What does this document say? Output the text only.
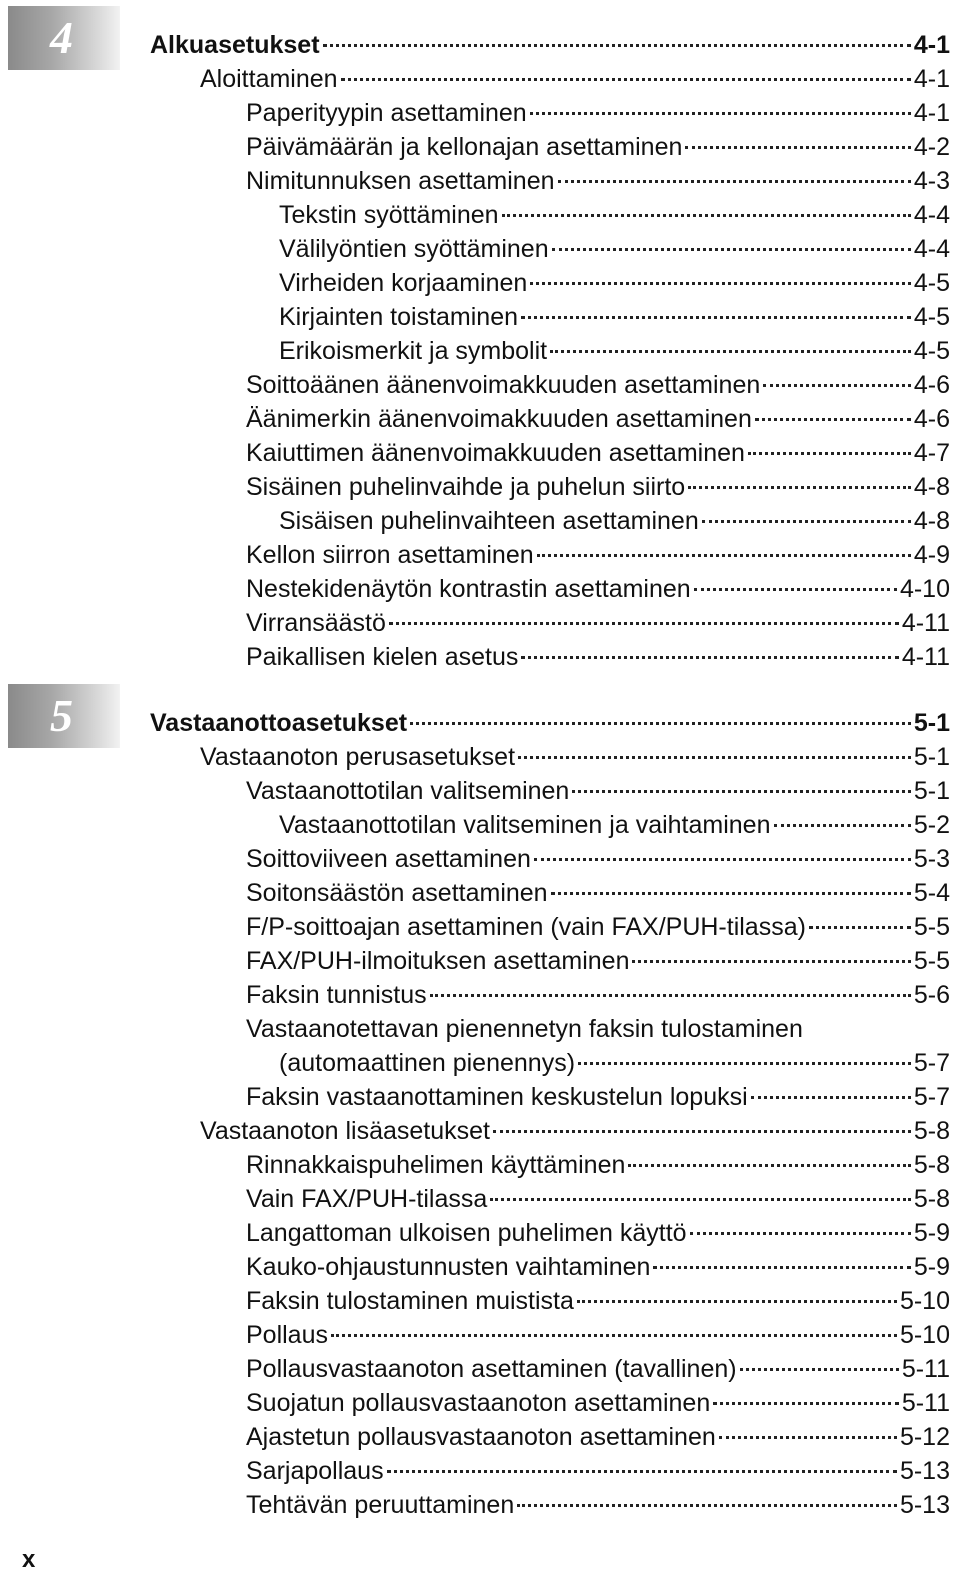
4	Alkuasetukset	4-1
Aloittaminen	4-1
Paperityypin asettaminen	4-1
Päivämäärän ja kellonajan asettaminen	4-2
Nimitunnuksen asettaminen	4-3
Tekstin syöttäminen	4-4
Välilyöntien syöttäminen	4-4
Virheiden korjaaminen	4-5
Kirjainten toistaminen	4-5
Erikoismerkit ja symbolit	4-5
Soittoäänen äänenvoimakkuuden asettaminen	4-6
Äänimerkin äänenvoimakkuuden asettaminen	4-6
Kaiuttimen äänenvoimakkuuden asettaminen	4-7
Sisäinen puhelinvaihde ja puhelun siirto	4-8
Sisäisen puhelinvaihteen asettaminen	4-8
Kellon siirron asettaminen	4-9
Nestekidenäytön kontrastin asettaminen	4-10
Virransäästö	4-11
Paikallisen kielen asetus	4-11
5	Vastaanottoasetukset	5-1
Vastaanoton perusasetukset	5-1
Vastaanottotilan valitseminen	5-1
Vastaanottotilan valitseminen ja vaihtaminen	5-2
Soittoviiveen asettaminen	5-3
Soitonsäästön asettaminen	5-4
F/P-soittoajan asettaminen (vain FAX/PUH-tilassa)	5-5
FAX/PUH-ilmoituksen asettaminen	5-5
Faksin tunnistus	5-6
Vastaanotettavan pienennetyn faksin tulostaminen
(automaattinen pienennys)	5-7
Faksin vastaanottaminen keskustelun lopuksi	5-7
Vastaanoton lisäasetukset	5-8
Rinnakkaispuhelimen käyttäminen	5-8
Vain FAX/PUH-tilassa	5-8
Langattoman ulkoisen puhelimen käyttö	5-9
Kauko-ohjaustunnusten vaihtaminen	5-9
Faksin tulostaminen muistista	5-10
Pollaus	5-10
Pollausvastaanoton asettaminen (tavallinen)	5-11
Suojatun pollausvastaanoton asettaminen	5-11
Ajastetun pollausvastaanoton asettaminen	5-12
Sarjapollaus	5-13
Tehtävän peruuttaminen	5-13
x
